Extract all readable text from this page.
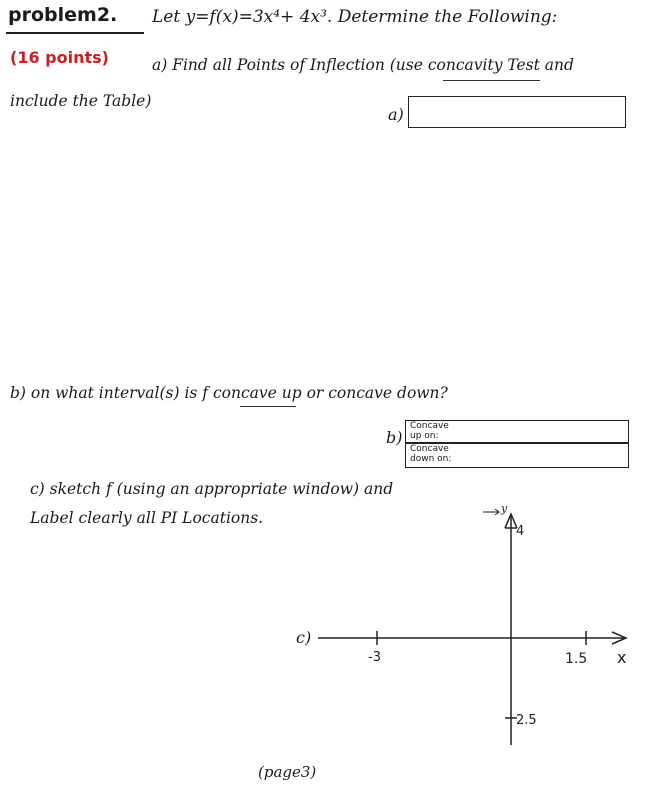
problem2. Let y=f(x)=3x⁴+ 4x³. Determine the Following:
(16 points)	a) Find all Points of Inflection (use concavity Test and
include the Table)
a)
b) on what interval(s) is f concave up or concave down?
b)
Concave
up on:
Concave
down on:
c) sketch f (using an appropriate window) and
Label clearly all PI Locations.
c)
y
x
-3	1.5
4
2.5
(page3)
